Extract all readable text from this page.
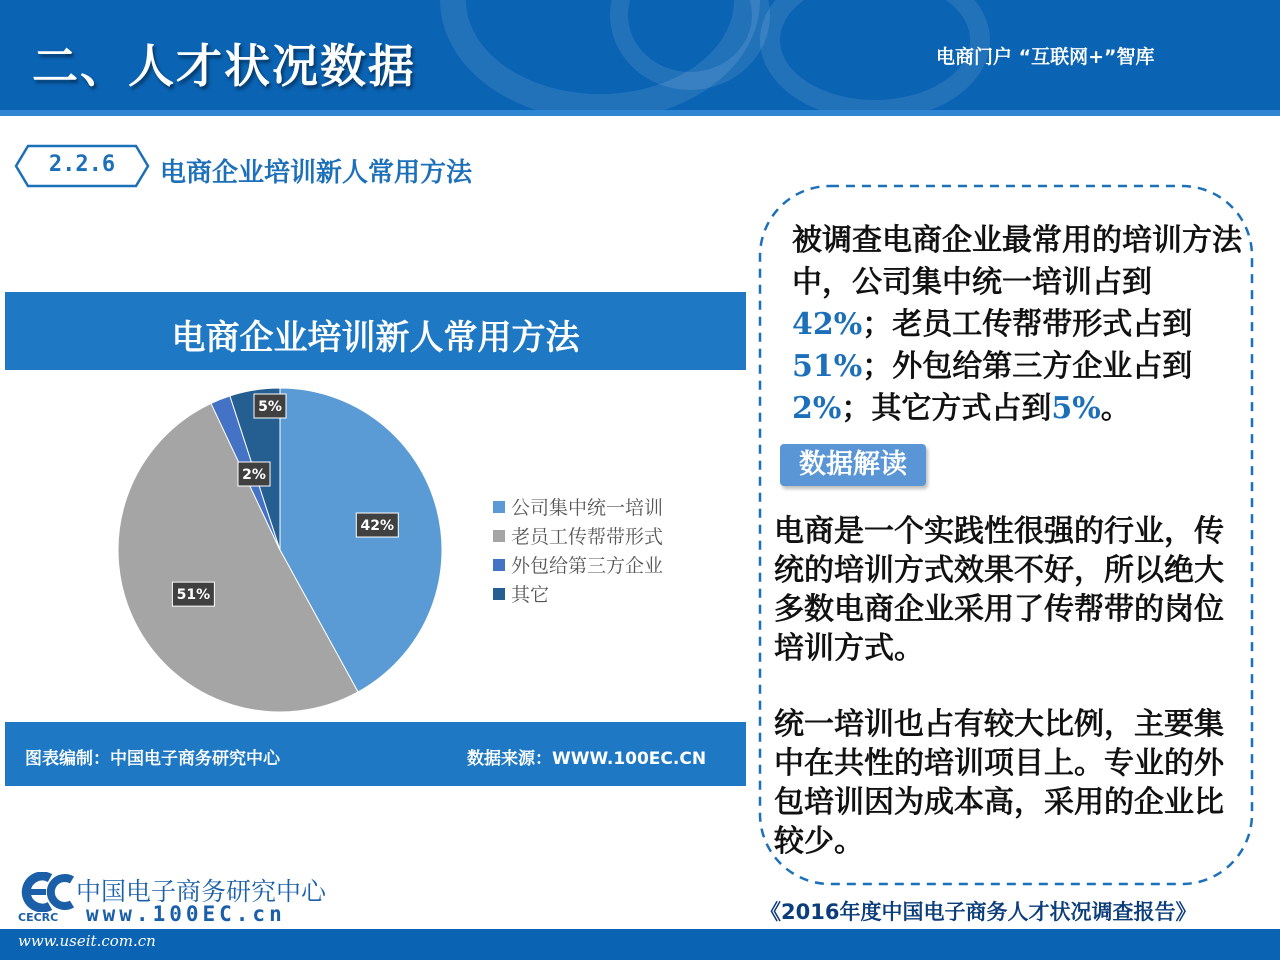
二、人才状况数据	电商门户 “互联网+”智库
2.2.6	电商企业培训新人常用方法
电商企业培训新人常用方法
42%
51%
2%
5%
公司集中统一培训
老员工传帮带形式
外包给第三方企业
其它
图表编制：中国电子商务研究中心	数据来源：WWW.100EC.CN
被调查电商企业最常用的培训方法中，公司集中统一培训占到42%；老员工传帮带形式占到51%；外包给第三方企业占到2%；其它方式占到5%。
数据解读
电商是一个实践性很强的行业，传统的培训方式效果不好，所以绝大多数电商企业采用了传帮带的岗位培训方式。
统一培训也占有较大比例，主要集中在共性的培训项目上。专业的外包培训因为成本高，采用的企业比较少。
CECRC
中国电子商务研究中心
www.100EC.cn	《2016年度中国电子商务人才状况调查报告》
www.useit.com.cn
